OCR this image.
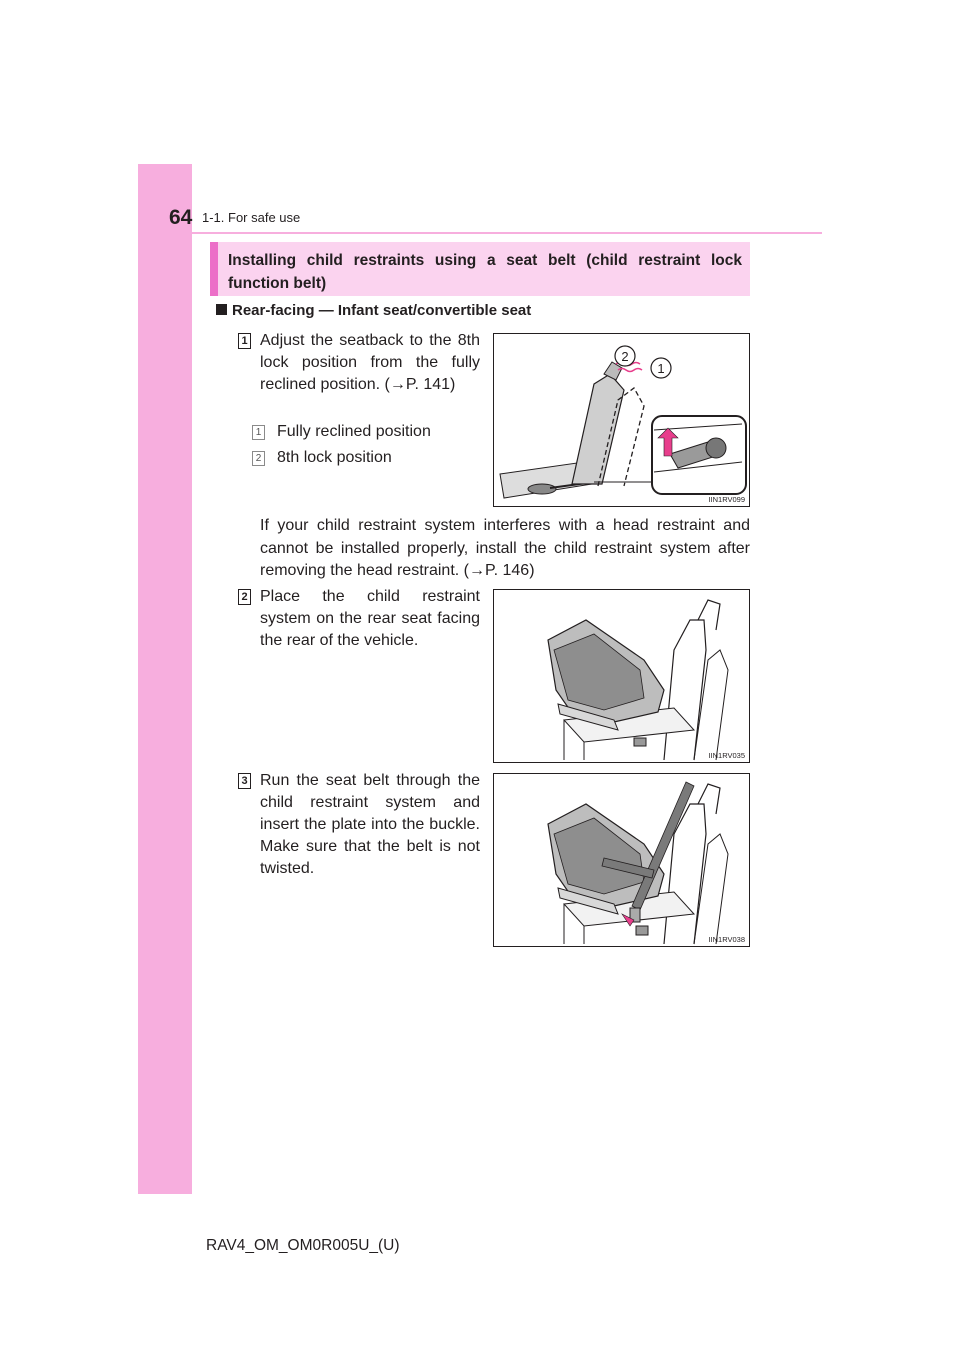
64 1-1. For safe use
Installing child restraints using a seat belt (child restraint lock function belt)
Rear-facing — Infant seat/convertible seat
1 Adjust the seatback to the 8th lock position from the fully reclined position. (→P. 141)
1 Fully reclined position
2 8th lock position
2
1
IIN1RV099
If your child restraint system interferes with a head restraint and cannot be installed properly, install the child restraint system after removing the head restraint. (→P. 146)
2 Place the child restraint system on the rear seat facing the rear of the vehicle.
IIN1RV035
3 Run the seat belt through the child restraint system and insert the plate into the buckle. Make sure that the belt is not twisted.
IIN1RV038
RAV4_OM_OM0R005U_(U)
